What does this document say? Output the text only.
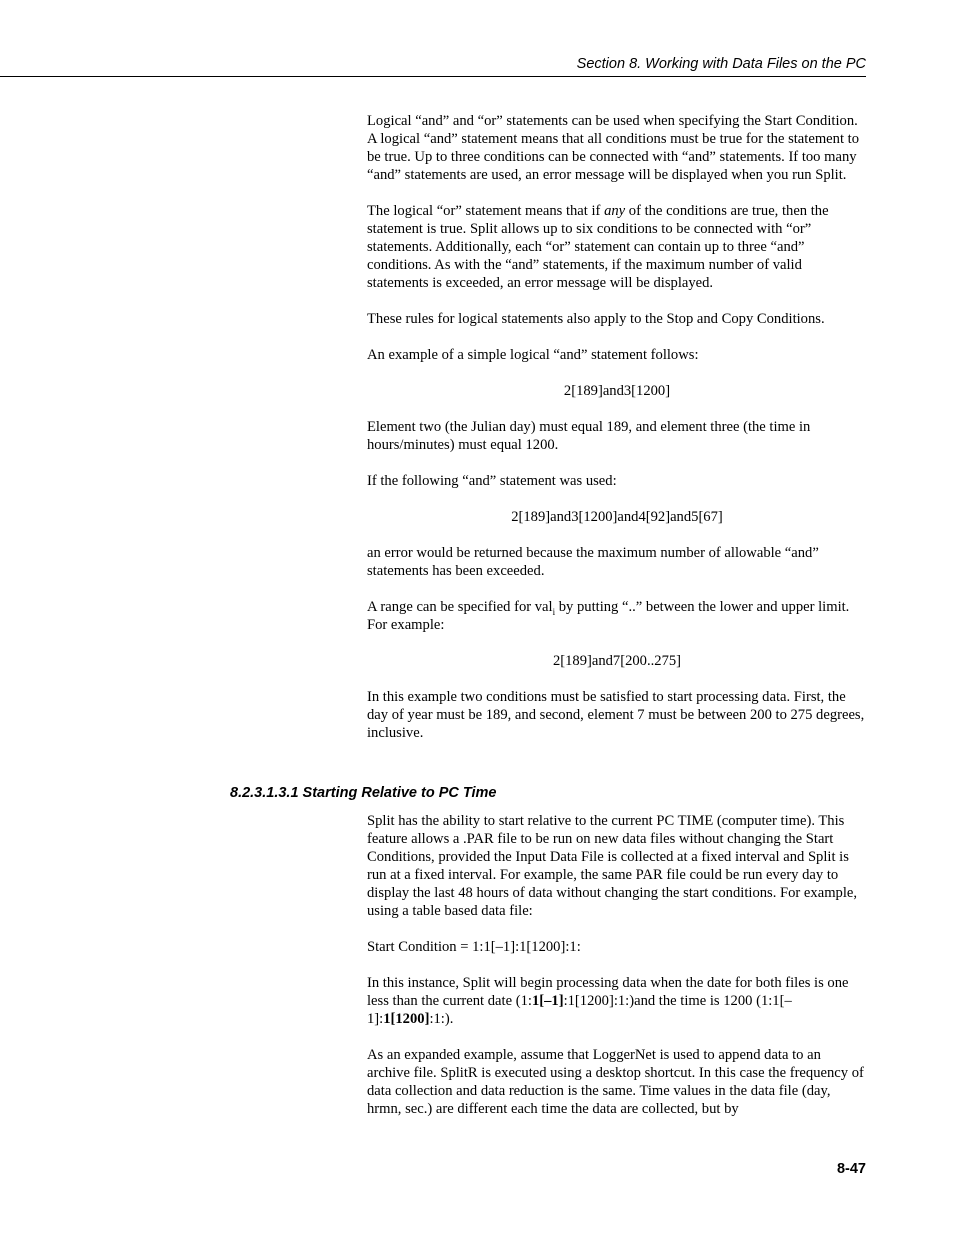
Section 8. Working with Data Files on the PC

Logical “and” and “or” statements can be used when specifying the Start Condition. A logical “and” statement means that all conditions must be true for the statement to be true. Up to three conditions can be connected with “and” statements. If too many “and” statements are used, an error message will be displayed when you run Split.

The logical “or” statement means that if any of the conditions are true, then the statement is true. Split allows up to six conditions to be connected with “or” statements. Additionally, each “or” statement can contain up to three “and” conditions. As with the “and” statements, if the maximum number of valid statements is exceeded, an error message will be displayed.

These rules for logical statements also apply to the Stop and Copy Conditions.

An example of a simple logical “and” statement follows:

2[189]and3[1200]

Element two (the Julian day) must equal 189, and element three (the time in hours/minutes) must equal 1200.

If the following “and” statement was used:

2[189]and3[1200]and4[92]and5[67]

an error would be returned because the maximum number of allowable “and” statements has been exceeded.

A range can be specified for val$_i$ by putting “..” between the lower and upper limit. For example:

2[189]and7[200..275]

In this example two conditions must be satisfied to start processing data. First, the day of year must be 189, and second, element 7 must be between 200 to 275 degrees, inclusive.

8.2.3.1.3.1 Starting Relative to PC Time

Split has the ability to start relative to the current PC TIME (computer time). This feature allows a .PAR file to be run on new data files without changing the Start Conditions, provided the Input Data File is collected at a fixed interval and Split is run at a fixed interval. For example, the same PAR file could be run every day to display the last 48 hours of data without changing the start conditions. For example, using a table based data file:

Start Condition = 1:1[–1]:1[1200]:1:

In this instance, Split will begin processing data when the date for both files is one less than the current date (1:1[–1]:1[1200]:1:)and the time is 1200 (1:1[–1]:1[1200]:1:).

As an expanded example, assume that LoggerNet is used to append data to an archive file. SplitR is executed using a desktop shortcut. In this case the frequency of data collection and data reduction is the same. Time values in the data file (day, hrmn, sec.) are different each time the data are collected, but by

8-47
